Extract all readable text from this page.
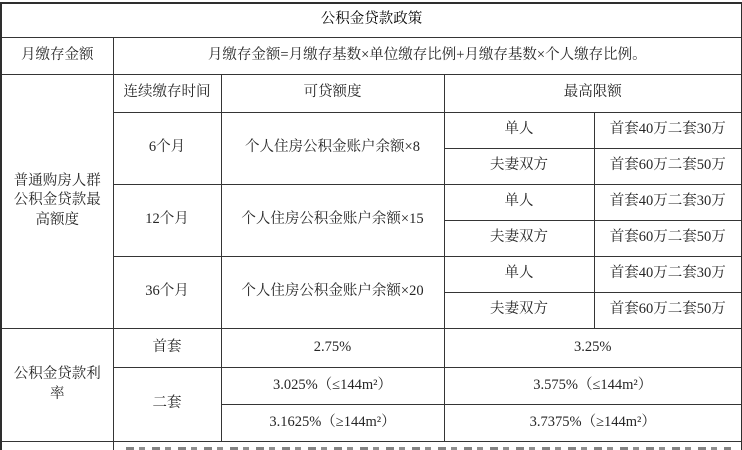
公积金贷款政策				
月缴存金额	月缴存金额=月缴存基数×单位缴存比例+月缴存基数×个人缴存比例。			
普通购房人群公积金贷款最高额度	连续缴存时间	可贷额度	最高限额	
	6个月	个人住房公积金账户余额×8	单人	首套40万二套30万
			夫妻双方	首套60万二套50万
	12个月	个人住房公积金账户余额×15	单人	首套40万二套30万
			夫妻双方	首套60万二套50万
	36个月	个人住房公积金账户余额×20	单人	首套40万二套30万
			夫妻双方	首套60万二套50万
公积金贷款利率	首套	2.75%	3.25%	
	二套	3.025%（≤144m²）	3.575%（≤144m²）	
		3.1625%（≥144m²）	3.7375%（≥144m²）	
